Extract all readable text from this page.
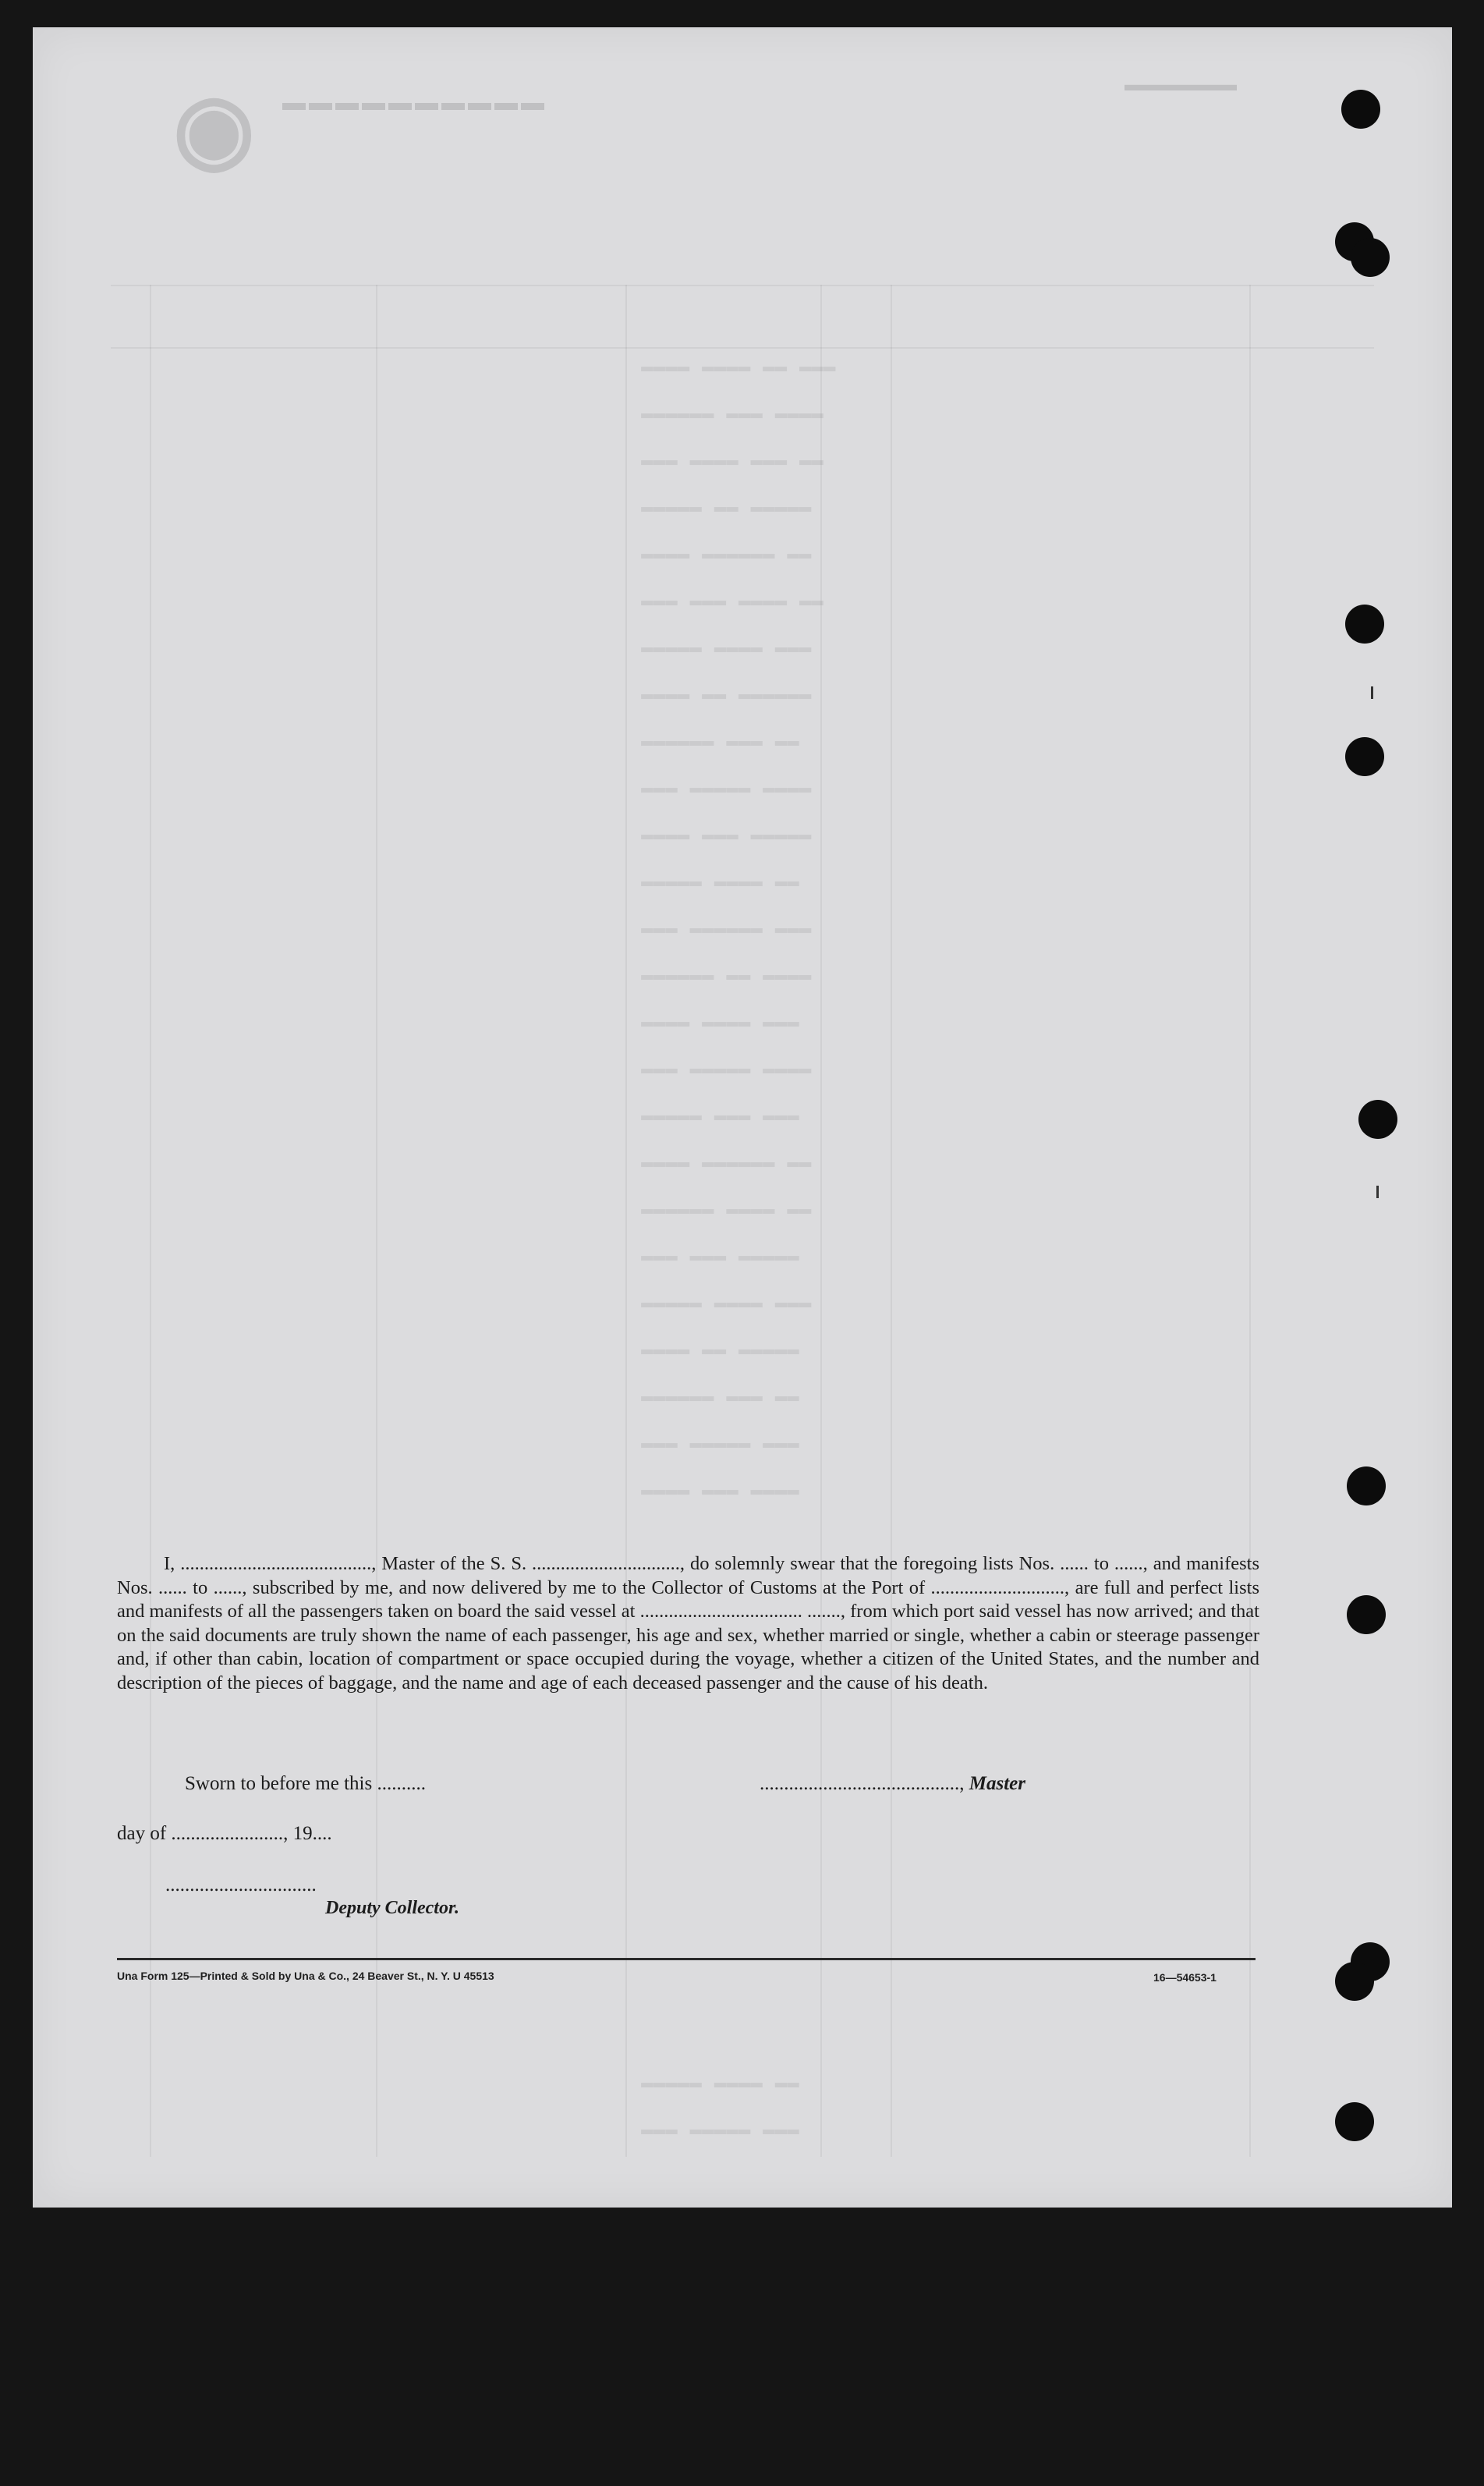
▬▬▬▬ ▬▬▬▬ ▬▬ ▬▬▬
▬▬▬▬▬▬ ▬▬▬ ▬▬▬▬
▬▬▬ ▬▬▬▬ ▬▬▬ ▬▬
▬▬▬▬▬ ▬▬ ▬▬▬▬▬
▬▬▬▬ ▬▬▬▬▬▬ ▬▬
▬▬▬ ▬▬▬ ▬▬▬▬ ▬▬
▬▬▬▬▬ ▬▬▬▬ ▬▬▬
▬▬▬▬ ▬▬ ▬▬▬▬▬▬
▬▬▬▬▬▬ ▬▬▬ ▬▬
▬▬▬ ▬▬▬▬▬ ▬▬▬▬
▬▬▬▬ ▬▬▬ ▬▬▬▬▬
▬▬▬▬▬ ▬▬▬▬ ▬▬
▬▬▬ ▬▬▬▬▬▬ ▬▬▬
▬▬▬▬▬▬ ▬▬ ▬▬▬▬
▬▬▬▬ ▬▬▬▬ ▬▬▬
▬▬▬ ▬▬▬▬▬ ▬▬▬▬
▬▬▬▬▬ ▬▬▬ ▬▬▬
▬▬▬▬ ▬▬▬▬▬▬ ▬▬
▬▬▬▬▬▬ ▬▬▬▬ ▬▬
▬▬▬ ▬▬▬ ▬▬▬▬▬
▬▬▬▬▬ ▬▬▬▬ ▬▬▬
▬▬▬▬ ▬▬ ▬▬▬▬▬
▬▬▬▬▬▬ ▬▬▬ ▬▬
▬▬▬ ▬▬▬▬▬ ▬▬▬
▬▬▬▬ ▬▬▬ ▬▬▬▬
▬▬▬▬▬ ▬▬▬▬ ▬▬
▬▬▬ ▬▬▬▬▬ ▬▬▬
◉ ▬▬▬▬▬▬▬▬▬▬
▬▬▬▬▬▬
I, ........................................, Master of the S. S. ..............................., do solemnly swear that the foregoing lists Nos. ...... to ......, and manifests Nos. ...... to ......, subscribed by me, and now delivered by me to the Collector of Customs at the Port of ............................, are full and perfect lists and manifests of all the passengers taken on board the said vessel at .................................. ......., from which port said vessel has now arrived; and that on the said documents are truly shown the name of each passenger, his age and sex, whether married or single, whether a cabin or steerage passenger and, if other than cabin, location of compartment or space occupied during the voyage, whether a citizen of the United States, and the number and description of the pieces of baggage, and the name and age of each deceased passenger and the cause of his death.
Sworn to before me this ..........	........................................., Master
day of ......................., 19....
...............................
Deputy Collector.
Una Form 125—Printed & Sold by Una & Co., 24 Beaver St., N. Y. U 45513	16—54653-1
